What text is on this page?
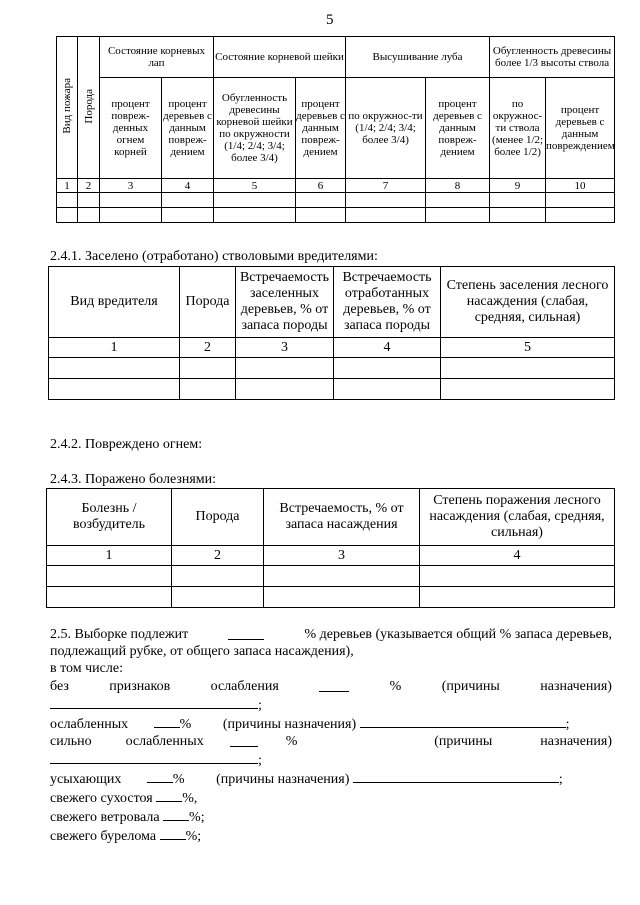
5
Вид пожара	Порода	Состояние корневых лап		Состояние корневой шейки		Высушивание луба		Обугленность древесины более 1/3 высоты ствола	
		процент повреж-денных огнем корней	процент деревьев с данным повреж-дением	Обугленность древесины корневой шейки по окружности (1/4; 2/4; 3/4; более 3/4)	процент деревьев с данным повреж-дением	по окружнос-ти (1/4; 2/4; 3/4; более 3/4)	процент деревьев с данным повреж-дением	по окружнос-ти ствола (менее 1/2; более 1/2)	процент деревьев с данным повреждением
1	2	3	4	5	6	7	8	9	10

2.4.1. Заселено (отработано) стволовыми вредителями:
Вид вредителя	Порода	Встречаемость заселенных деревьев, % от запаса породы	Встречаемость отработанных деревьев, % от запаса породы	Степень заселения лесного насаждения (слабая, средняя, сильная)
1	2	3	4	5

2.4.2. Повреждено огнем:
2.4.3. Поражено болезнями:
Болезнь / возбудитель	Порода	Встречаемость, % от запаса насаждения	Степень поражения лесного насаждения (слабая, средняя, сильная)
1	2	3	4

2.5. Выборке подлежит	% деревьев (указывается общий % запаса деревьев,
подлежащий рубке, от общего запаса насаждения),
в том числе:
без	признаков	ослабления	%	(причины	назначения)
;
ослабленных	% (причины назначения)	;
сильно ослабленных	%	(причины	назначения)
;
усыхающих	% (причины назначения)	;
свежего сухостоя %,
свежего ветровала %;
свежего бурелома %;
